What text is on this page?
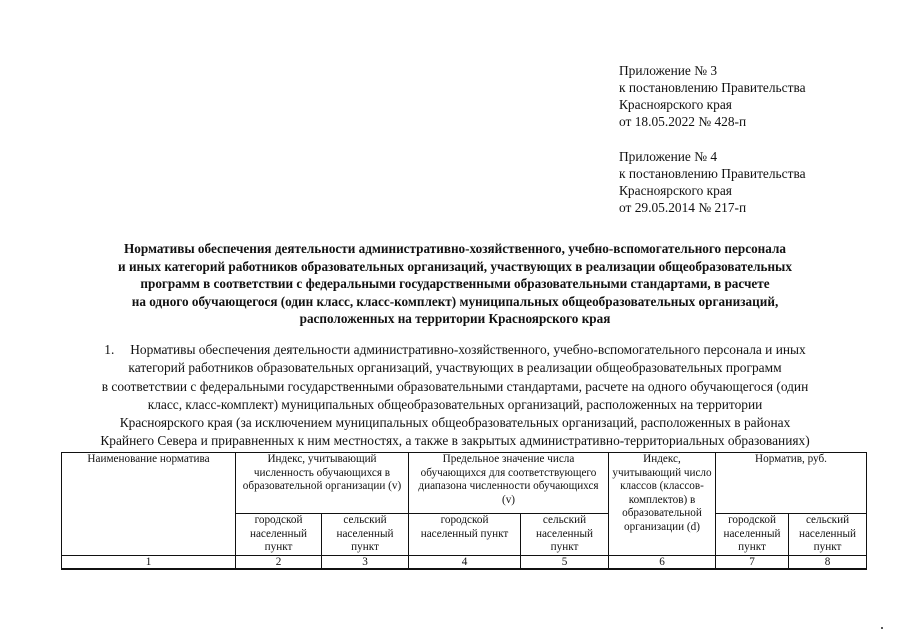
Приложение № 3
к постановлению Правительства
Красноярского края
от 18.05.2022 № 428-п
Приложение № 4
к постановлению Правительства
Красноярского края
от 29.05.2014 № 217-п
Нормативы обеспечения деятельности административно-хозяйственного, учебно-вспомогательного персонала
и иных категорий работников образовательных организаций, участвующих в реализации общеобразовательных
программ в соответствии с федеральными государственными образовательными стандартами, в расчете
на одного обучающегося (один класс, класс-комплект) муниципальных общеобразовательных организаций,
расположенных на территории Красноярского края
1. Нормативы обеспечения деятельности административно-хозяйственного, учебно-вспомогательного персонала и иных
категорий работников образовательных организаций, участвующих в реализации общеобразовательных программ
в соответствии с федеральными государственными образовательными стандартами, расчете на одного обучающегося (один
класс, класс-комплект) муниципальных общеобразовательных организаций, расположенных на территории
Красноярского края (за исключением муниципальных общеобразовательных организаций, расположенных в районах
Крайнего Севера и приравненных к ним местностях, а также в закрытых административно-территориальных образованиях)
Наименование норматива	Индекс, учитывающий численность обучающихся в образовательной организации (v)		Предельное значение числа обучающихся для соответствующего диапазона численности обучающихся (v)		Индекс, учитывающий число классов (классов-комплектов) в образовательной организации (d)	Норматив, руб.	
	городской населенный пункт	сельский населенный пункт	городской населенный пункт	сельский населенный пункт		городской населенный пункт	сельский населенный пункт
1	2	3	4	5	6	7	8
